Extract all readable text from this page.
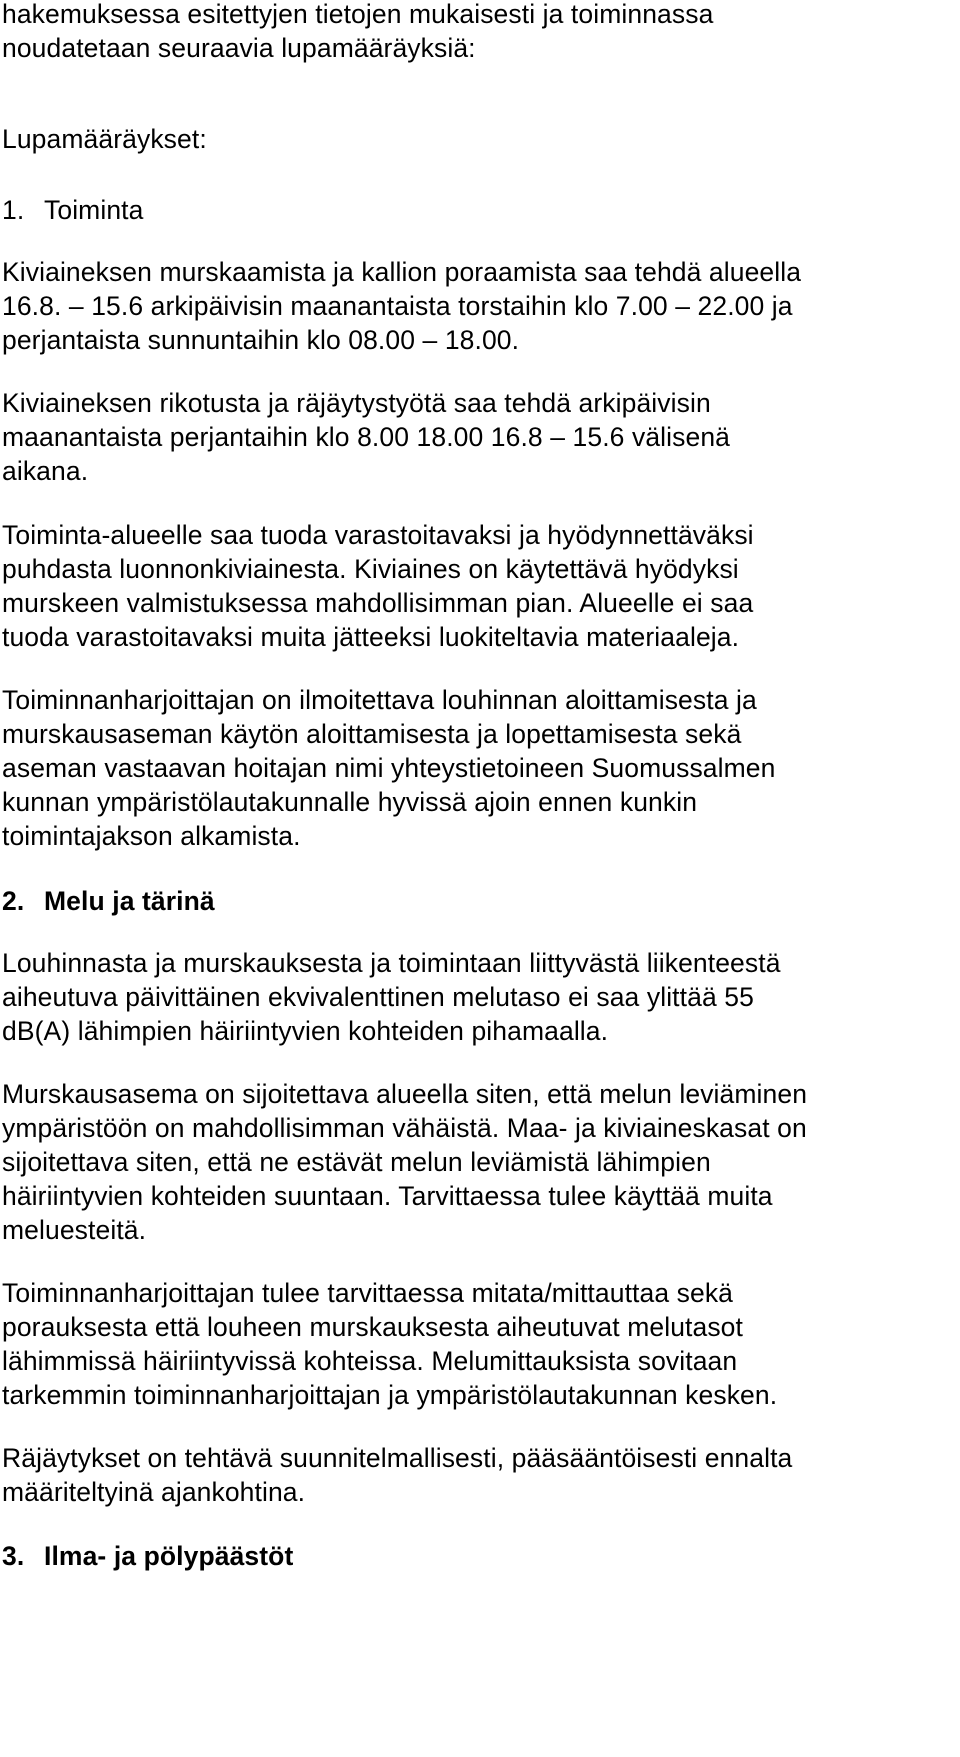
hakemuksessa esitettyjen tietojen mukaisesti ja toiminnassa
noudatetaan seuraavia lupamääräyksiä:
Lupamääräykset:
1. Toiminta
Kiviaineksen murskaamista ja kallion poraamista saa tehdä alueella
16.8. – 15.6 arkipäivisin maanantaista torstaihin klo 7.00 – 22.00 ja
perjantaista sunnuntaihin klo 08.00 – 18.00.
Kiviaineksen rikotusta ja räjäytystyötä saa tehdä arkipäivisin
maanantaista perjantaihin klo 8.00 18.00 16.8 – 15.6 välisenä
aikana.
Toiminta-alueelle saa tuoda varastoitavaksi ja hyödynnettäväksi
puhdasta luonnonkiviainesta. Kiviaines on käytettävä hyödyksi
murskeen valmistuksessa mahdollisimman pian. Alueelle ei saa
tuoda varastoitavaksi muita jätteeksi luokiteltavia materiaaleja.
Toiminnanharjoittajan on ilmoitettava louhinnan aloittamisesta ja
murskausaseman käytön aloittamisesta ja lopettamisesta sekä
aseman vastaavan hoitajan nimi yhteystietoineen Suomussalmen
kunnan ympäristölautakunnalle hyvissä ajoin ennen kunkin
toimintajakson alkamista.
2. Melu ja tärinä
Louhinnasta ja murskauksesta ja toimintaan liittyvästä liikenteestä
aiheutuva päivittäinen ekvivalenttinen melutaso ei saa ylittää 55
dB(A) lähimpien häiriintyvien kohteiden pihamaalla.
Murskausasema on sijoitettava alueella siten, että melun leviäminen
ympäristöön on mahdollisimman vähäistä. Maa- ja kiviaineskasat on
sijoitettava siten, että ne estävät melun leviämistä lähimpien
häiriintyvien kohteiden suuntaan. Tarvittaessa tulee käyttää muita
meluesteitä.
Toiminnanharjoittajan tulee tarvittaessa mitata/mittauttaa sekä
porauksesta että louheen murskauksesta aiheutuvat melutasot
lähimmissä häiriintyvissä kohteissa. Melumittauksista sovitaan
tarkemmin toiminnanharjoittajan ja ympäristölautakunnan kesken.
Räjäytykset on tehtävä suunnitelmallisesti, pääsääntöisesti ennalta
määriteltyinä ajankohtina.
3. Ilma- ja pölypäästöt
